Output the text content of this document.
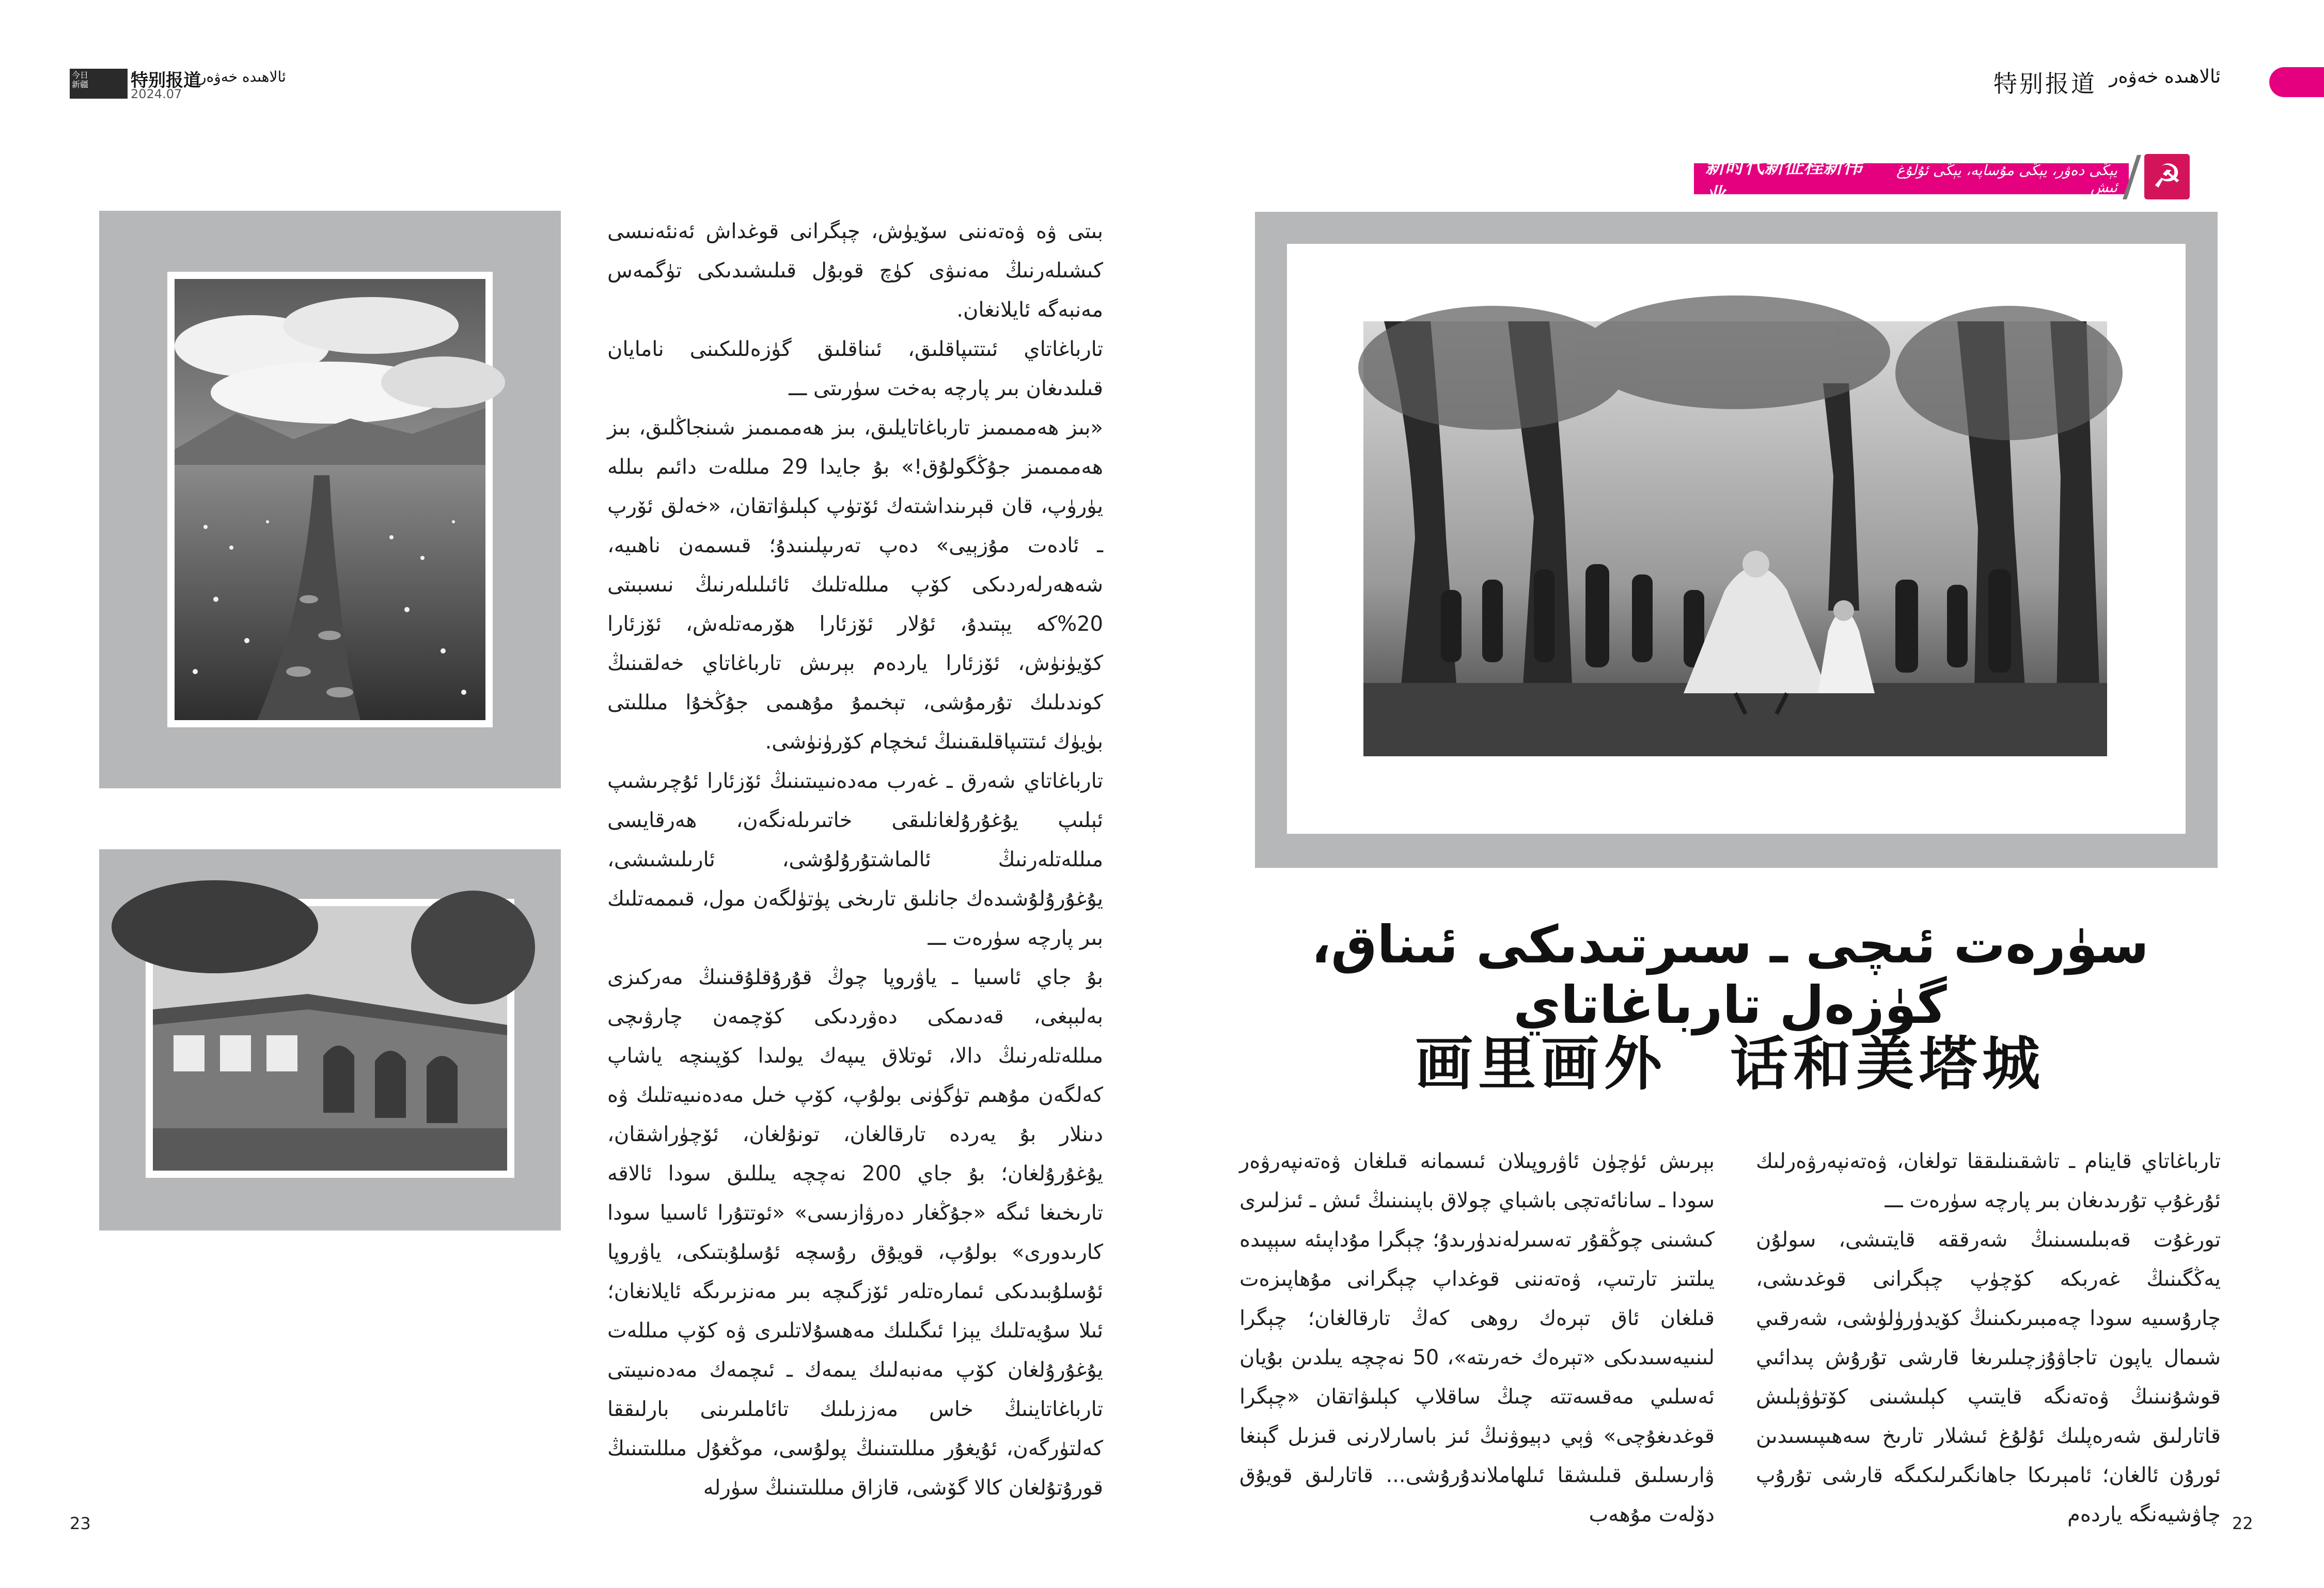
今日
新疆	特别报道
2024.07
ئالاھىدە خەۋەر	特别报道 ئالاھىدە خەۋەر
新时代新征程新伟业
يېڭى دەۋر، يېڭى مۇساپە، يېڭى ئۇلۇغ ئىش ☭
سۈرەت ئىچى ـ سىرتىدىكى ئىناق، گۈزەل تارباغاتاي
画里画外　话和美塔城

بىتى ۋە ۋەتەننى سۆيۈش، چېگرانى قوغداش ئەنئەنىسى كىشىلەرنىڭ مەنىۋى كۈچ قوبۇل قىلىشىدىكى تۈگمەس مەنبەگە ئايلانغان.

تارباغاتاي ئىتتىپاقلىق، ئىناقلىق گۈزەللىكىنى نامايان قىلىدىغان بىر پارچە بەخت سۈرىتى ـــ

«بىز ھەممىمىز تارباغاتايلىق، بىز ھەممىمىز شىنجاڭلىق، بىز ھەممىمىز جۇڭگولۇق!» بۇ جايدا 29 مىللەت دائىم بىللە يۈرۈپ، قان قېرىنداشتەك ئۆتۈپ كېلىۋاتقان، «خەلق ئۆرپ ـ ئادەت مۇزېيى» دەپ تەرىپلىنىدۇ؛ قىسمەن ناھىيە، شەھەرلەردىكى كۆپ مىللەتلىك ئائىلىلەرنىڭ نىسبىتى 20%كە يېتىدۇ، ئۇلار ئۆزئارا ھۆرمەتلەش، ئۆزئارا كۆيۈنۈش، ئۆزئارا ياردەم بېرىش تارباغاتاي خەلقىنىڭ كوندىلىك تۇرمۇشى، تېخىمۇ مۇھىمى جۇڭخۇا مىللىتى بۈيۈك ئىتتىپاقلىقىنىڭ ئىخچام كۆرۈنۈشى.

تارباغاتاي شەرق ـ غەرب مەدەنىيىتىنىڭ ئۆزئارا ئۇچرىشىپ ئېلىپ يۇغۇرۇلغانلىقى خاتىرىلەنگەن، ھەرقايسى مىللەتلەرنىڭ ئالماشتۇرۇلۇشى، ئارىلىشىشى، يۇغۇرۇلۇشىدەك جانلىق تارىخى پۈتۈلگەن مول، قىممەتلىك بىر پارچە سۈرەت ـــ

بۇ جاي ئاسىيا ـ ياۋروپا چوڭ قۇرۇقلۇقىنىڭ مەركىزى بەلبېغى، قەدىمكى دەۋردىكى كۆچمەن چارۋىچى مىللەتلەرنىڭ دالا، ئوتلاق يىپەك يولىدا كۆپىنچە ياشاپ كەلگەن مۇھىم تۈگۈنى بولۇپ، كۆپ خىل مەدەنىيەتلىك ۋە دىنلار بۇ يەردە تارقالغان، تونۇلغان، ئۆچۈراشقان، يۇغۇرۇلغان؛ بۇ جاي 200 نەچچە يىللىق سودا ئالاقە تارىخىغا ئىگە «جۇڭغار دەرۋازىسى» «ئوتتۇرا ئاسىيا سودا كارىدورى» بولۇپ، قويۇق رۇسچە ئۇسلۇبتىكى، ياۋروپا ئۇسلۇبىدىكى ئىمارەتلەر ئۆزگىچە بىر مەنزىرىگە ئايلانغان؛ ئىلا سۇيەتلىك يېزا ئىگىلىك مەھسۇلاتلىرى ۋە كۆپ مىللەت يۇغۇرۇلغان كۆپ مەنبەلىك يىمەك ـ ئىچمەك مەدەنىيىتى تارباغاتاينىڭ خاس مەززىلىك تائاملىرىنى بارلىققا كەلتۈرگەن، ئۇيغۇر مىللىتىنىڭ پولۇسى، موڭغۇل مىللىتىنىڭ قورۇتۇلغان كالا گۆشى، قازاق مىللىتىنىڭ سۈرلە

بېرىش ئۈچۈن ئاۋروپىلان ئىسمانە قىلغان ۋەتەنپەرۋەر سودا ـ سانائەتچى باشباي چولاق باپىنىنىڭ ئىش ـ ئىزلىرى كىشىنى چوڭقۇر تەسىرلەندۈرىدۇ؛ چېگرا مۇداپىئە سېپىدە يىلتىز تارتىپ، ۋەتەننى قوغداپ چېگرانى مۇھاپىزەت قىلغان ئاق تېرەك روھى كەڭ تارقالغان؛ چېگرا لىنىيەسىدىكى «تېرەك خەرىتە»، 50 نەچچە يىلدىن بۇيان ئەسلىي مەقسەتتە چىڭ ساقلاپ كېلىۋاتقان «چېگرا قوغدىغۇچى» ۋېي دېيوۋنىڭ ئىز باسارلارنى قىزىل گېنغا ۋارىسلىق قىلىشقا ئىلھاملاندۇرۇشى... قاتارلىق قويۇق دۆلەت مۇھەب

تارباغاتاي قاينام ـ تاشقىنلىققا تولغان، ۋەتەنپەرۋەرلىك ئۇرغۇپ تۇرىدىغان بىر پارچە سۈرەت ـــ

تورغۇت قەبىلىسىنىڭ شەرققە قايتىشى، سولۇن يەڭگىنىڭ غەربكە كۆچۈپ چېگرانى قوغدىشى، چارۇسىيە سودا چەمبىرىكىنىڭ كۆيدۈرۈلۈشى، شەرقىي شىمال ياپون تاجاۋۇزچىلىرىغا قارشى تۇرۇش پىدائىي قوشۇنىنىڭ ۋەتەنگە قايتىپ كېلىشىنى كۆتۈۋېلىش قاتارلىق شەرەپلىك ئۇلۇغ ئىشلار تارىخ سەھىپىسىدىن ئورۇن ئالغان؛ ئامېرىكا جاھانگىرلىكىگە قارشى تۇرۇپ چاۋشيەنگە ياردەم

23	22
